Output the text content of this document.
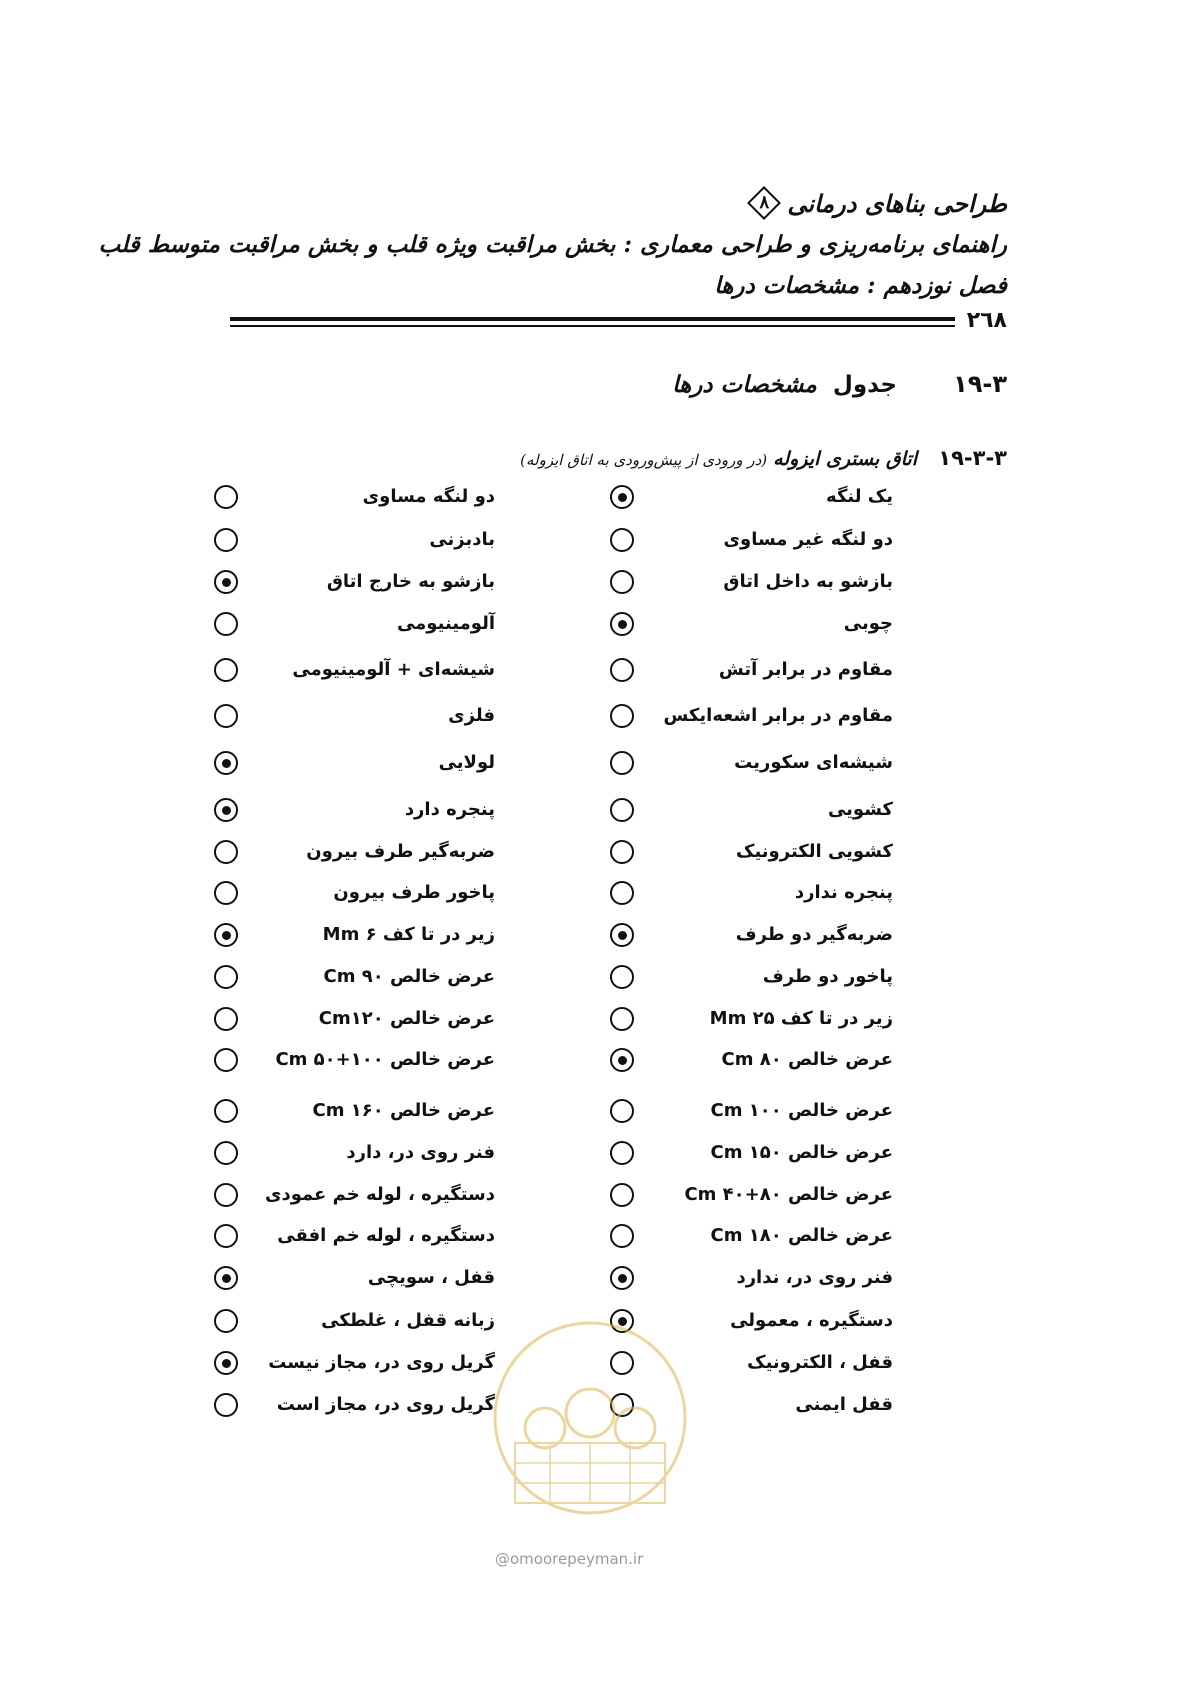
طراحی بناهای درمانی
۸
راهنمای برنامه‌ریزی و طراحی معماری : بخش مراقبت ویژه قلب و بخش مراقبت متوسط قلب
فصل نوزدهم : مشخصات درها
۲٦۸
۱۹-۳
جدول  مشخصات درها
۱۹-۳-۳
اتاق بستری ایزوله
(در ورودی از پیش‌ورودی به اتاق ایزوله)
یک لنگه
دو لنگه غیر مساوی
بازشو به داخل اتاق
چوبی
مقاوم در برابر آتش
مقاوم در برابر اشعه‌ایکس
شیشه‌ای سکوریت
کشویی
کشویی الکترونیک
پنجره ندارد
ضربه‌گیر دو طرف
پاخور دو طرف
زیر در تا کف Mm ۲۵
عرض خالص Cm ۸۰
عرض خالص Cm ۱۰۰
عرض خالص Cm ۱۵۰
عرض خالص Cm ۴۰+۸۰
عرض خالص Cm ۱۸۰
فنر روی در، ندارد
دستگیره ، معمولی
قفل ، الکترونیک
قفل ایمنی
دو لنگه مساوی
بادبزنی
بازشو به خارج اتاق
آلومینیومی
شیشه‌ای + آلومینیومی
فلزی
لولایی
پنجره دارد
ضربه‌گیر طرف بیرون
پاخور طرف بیرون
زیر در تا کف Mm ۶
عرض خالص Cm ۹۰
عرض خالص Cm۱۲۰
عرض خالص Cm ۵۰+۱۰۰
عرض خالص Cm ۱۶۰
فنر روی در، دارد
دستگیره ، لوله خم عمودی
دستگیره ، لوله خم افقی
قفل ، سویچی
زبانه قفل ، غلطکی
گریل روی در، مجاز نیست
گریل روی در، مجاز است
@omoorepeyman.ir
